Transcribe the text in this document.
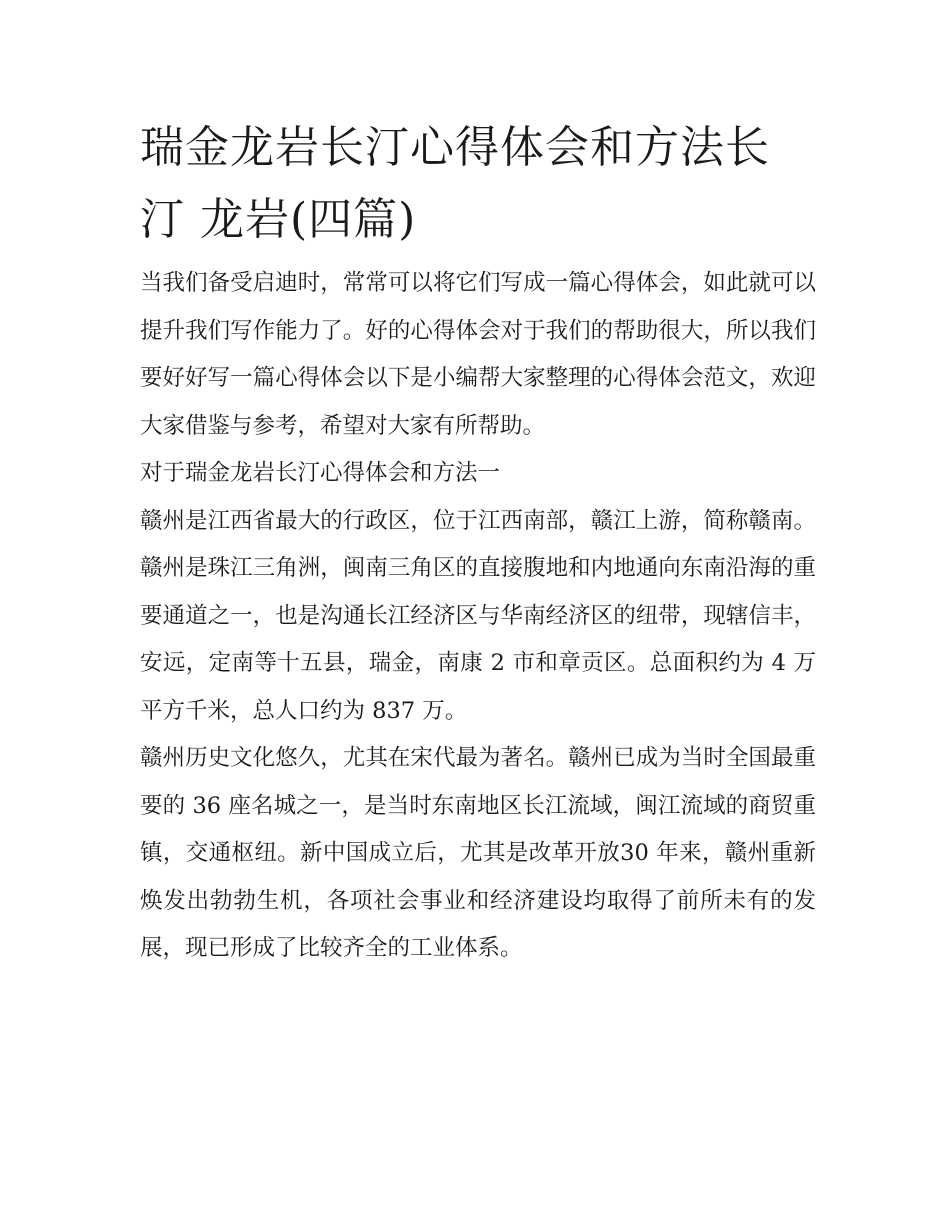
瑞金龙岩长汀心得体会和方法长汀 龙岩(四篇)

当我们备受启迪时，常常可以将它们写成一篇心得体会，如此就可以提升我们写作能力了。好的心得体会对于我们的帮助很大，所以我们要好好写一篇心得体会以下是小编帮大家整理的心得体会范文，欢迎大家借鉴与参考，希望对大家有所帮助。

对于瑞金龙岩长汀心得体会和方法一

赣州是江西省最大的行政区，位于江西南部，赣江上游，简称赣南。赣州是珠江三角洲，闽南三角区的直接腹地和内地通向东南沿海的重要通道之一，也是沟通长江经济区与华南经济区的纽带，现辖信丰，安远，定南等十五县，瑞金，南康 2 市和章贡区。总面积约为 4 万平方千米，总人口约为 837 万。

赣州历史文化悠久，尤其在宋代最为著名。赣州已成为当时全国最重要的 36 座名城之一，是当时东南地区长江流域，闽江流域的商贸重镇，交通枢纽。新中国成立后，尤其是改革开放30 年来，赣州重新焕发出勃勃生机，各项社会事业和经济建设均取得了前所未有的发展，现已形成了比较齐全的工业体系。
